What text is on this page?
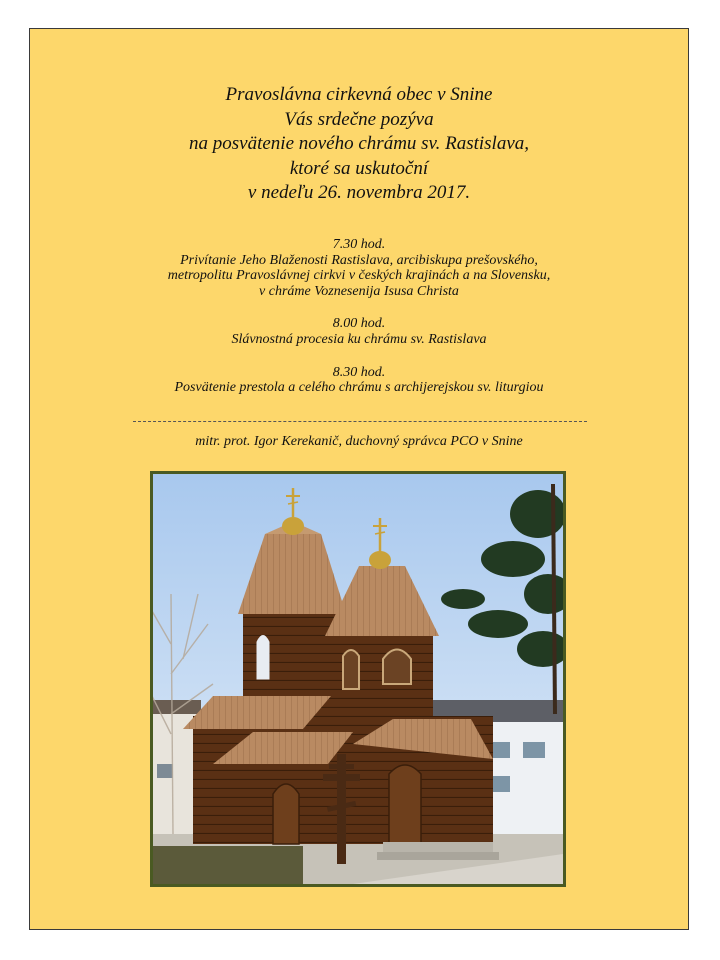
Pravoslávna cirkevná obec v Snine
Vás srdečne pozýva
na posvätenie nového chrámu sv. Rastislava,
ktoré sa uskutoční
v nedeľu 26. novembra 2017.
7.30 hod.
Privítanie Jeho Blaženosti Rastislava, arcibiskupa prešovského,
metropolitu Pravoslávnej cirkvi v českých krajinách a na Slovensku,
v chráme Voznesenija Isusa Christa
8.00 hod.
Slávnostná procesia ku chrámu sv. Rastislava
8.30 hod.
Posvätenie prestola a celého chrámu s archijerejskou sv. liturgiou
mitr. prot. Igor Kerekanič, duchovný správca PCO v Snine
